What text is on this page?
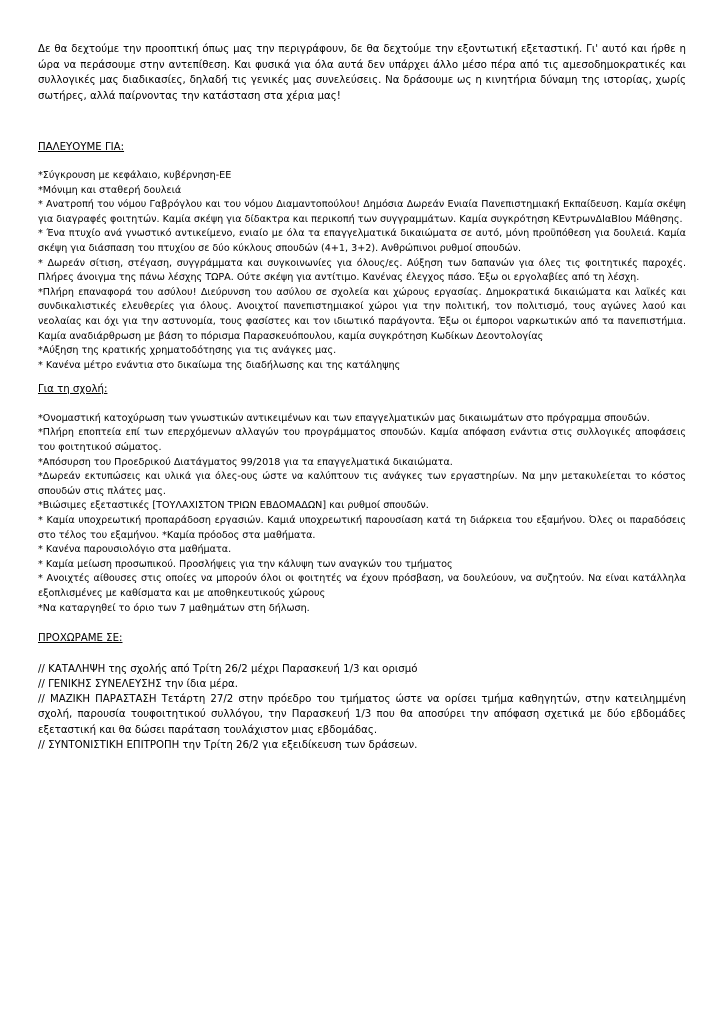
Δε θα δεχτούμε την προοπτική όπως μας την περιγράφουν, δε θα δεχτούμε την εξοντωτική εξεταστική. Γι' αυτό και ήρθε η ώρα να περάσουμε στην αντεπίθεση. Και φυσικά για όλα αυτά δεν υπάρχει άλλο μέσο πέρα από τις αμεσοδημοκρατικές και συλλογικές μας διαδικασίες, δηλαδή τις γενικές μας συνελεύσεις. Να δράσουμε ως η κινητήρια δύναμη της ιστορίας, χωρίς σωτήρες, αλλά παίρνοντας την κατάσταση στα χέρια μας!

ΠΑΛΕΥΟΥΜΕ ΓΙΑ:

*Σύγκρουση με κεφάλαιο, κυβέρνηση-ΕΕ

*Μόνιμη και σταθερή δουλειά

* Ανατροπή του νόμου Γαβρόγλου και του νόμου Διαμαντοπούλου! Δημόσια Δωρεάν Ενιαία Πανεπιστημιακή Εκπαίδευση. Καμία σκέψη για διαγραφές φοιτητών. Καμία σκέψη για δίδακτρα και περικοπή των συγγραμμάτων. Καμία συγκρότηση ΚΕντρωνΔΙαΒΙου Μάθησης.

* Ένα πτυχίο ανά γνωστικό αντικείμενο, ενιαίο με όλα τα επαγγελματικά δικαιώματα σε αυτό, μόνη προϋπόθεση για δουλειά. Καμία σκέψη για διάσπαση του πτυχίου σε δύο κύκλους σπουδών (4+1, 3+2). Ανθρώπινοι ρυθμοί σπουδών.

* Δωρεάν σίτιση, στέγαση, συγγράμματα και συγκοινωνίες για όλους/ες. Αύξηση των δαπανών για όλες τις φοιτητικές παροχές. Πλήρες άνοιγμα της πάνω λέσχης ΤΩΡΑ. Ούτε σκέψη για αντίτιμο. Κανένας έλεγχος πάσο. Έξω οι εργολαβίες από τη λέσχη.

*Πλήρη επαναφορά του ασύλου! Διεύρυνση του ασύλου σε σχολεία και χώρους εργασίας. Δημοκρατικά δικαιώματα και λαϊκές και συνδικαλιστικές ελευθερίες για όλους. Ανοιχτοί πανεπιστημιακοί χώροι για την πολιτική, τον πολιτισμό, τους αγώνες λαού και νεολαίας και όχι για την αστυνομία, τους φασίστες και τον ιδιωτικό παράγοντα. Έξω οι έμποροι ναρκωτικών από τα πανεπιστήμια. Καμία αναδιάρθρωση με βάση το πόρισμα Παρασκευόπουλου, καμία συγκρότηση Κωδίκων Δεοντολογίας

*Αύξηση της κρατικής χρηματοδότησης για τις ανάγκες μας.

* Κανένα μέτρο ενάντια στο δικαίωμα της διαδήλωσης και της κατάληψης

Για τη σχολή:

*Ονομαστική κατοχύρωση των γνωστικών αντικειμένων και των επαγγελματικών μας δικαιωμάτων στο πρόγραμμα σπουδών.

*Πλήρη εποπτεία επί των επερχόμενων αλλαγών του προγράμματος σπουδών. Καμία απόφαση ενάντια στις συλλογικές αποφάσεις του φοιτητικού σώματος.

*Απόσυρση του Προεδρικού Διατάγματος 99/2018 για τα επαγγελματικά δικαιώματα.

*Δωρεάν εκτυπώσεις και υλικά για όλες-ους ώστε να καλύπτουν τις ανάγκες των εργαστηρίων. Να μην μετακυλείεται το κόστος σπουδών στις πλάτες μας.

*Βιώσιμες εξεταστικές [ΤΟΥΛΑΧΙΣΤΟΝ ΤΡΙΩΝ ΕΒΔΟΜΑΔΩΝ] και ρυθμοί σπουδών.

* Καμία υποχρεωτική προπαράδοση εργασιών. Καμιά υποχρεωτική παρουσίαση κατά τη διάρκεια του εξαμήνου. Όλες οι παραδόσεις στο τέλος του εξαμήνου. *Καμία πρόοδος στα μαθήματα.

* Κανένα παρουσιολόγιο στα μαθήματα.

* Καμία μείωση προσωπικού. Προσλήψεις για την κάλυψη των αναγκών του τμήματος

* Ανοιχτές αίθουσες στις οποίες να μπορούν όλοι οι φοιτητές να έχουν πρόσβαση, να δουλεύουν, να συζητούν. Να είναι κατάλληλα εξοπλισμένες με καθίσματα και με αποθηκευτικούς χώρους

*Να καταργηθεί το όριο των 7 μαθημάτων στη δήλωση.

ΠΡΟΧΩΡΑΜΕ ΣΕ:

// ΚΑΤΑΛΗΨΗ της σχολής από Τρίτη 26/2 μέχρι Παρασκευή 1/3 και ορισμό

// ΓΕΝΙΚΗΣ ΣΥΝΕΛΕΥΣΗΣ την ίδια μέρα.

// ΜΑΖΙΚΗ ΠΑΡΑΣΤΑΣΗ Τετάρτη 27/2 στην πρόεδρο του τμήματος ώστε να ορίσει τμήμα καθηγητών, στην κατειλημμένη σχολή, παρουσία τουφοιτητικού συλλόγου, την Παρασκευή 1/3 που θα αποσύρει την απόφαση σχετικά με δύο εβδομάδες εξεταστική και θα δώσει παράταση τουλάχιστον μιας εβδομάδας.

// ΣΥΝΤΟΝΙΣΤΙΚΗ ΕΠΙΤΡΟΠΗ την Τρίτη 26/2 για εξειδίκευση των δράσεων.
